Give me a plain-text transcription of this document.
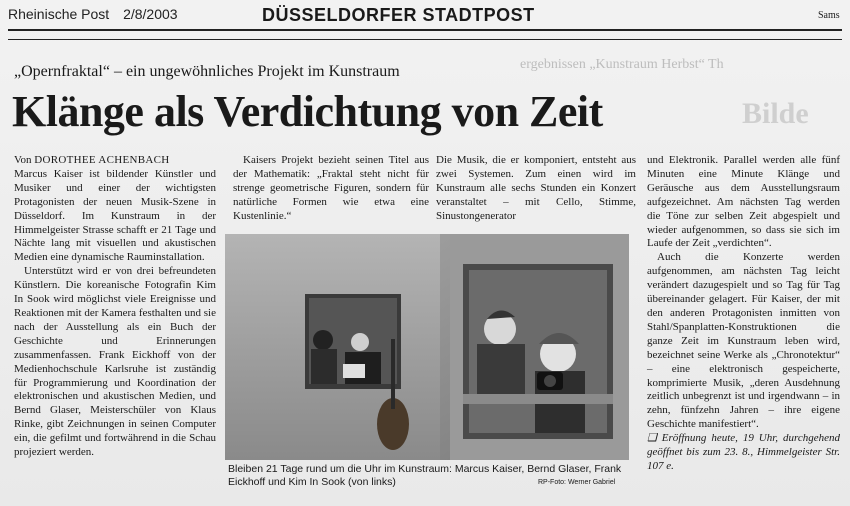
Rheinische Post 2/8/2003	DÜSSELDORFER STADTPOST	Sams
ergebnissen „Kunstraum Herbst“ Th
Bilde
„Opernfraktal“ – ein ungewöhnliches Projekt im Kunstraum
Klänge als Verdichtung von Zeit

Von DOROTHEE ACHENBACH

Marcus Kaiser ist bildender Künstler und Musiker und einer der wichtigsten Protagonisten der neuen Musik-Szene in Düsseldorf. Im Kunstraum in der Himmelgeister Strasse schafft er 21 Tage und Nächte lang mit visuellen und akustischen Medien eine dynamische Rauminstallation.

Unterstützt wird er von drei befreundeten Künstlern. Die koreanische Fotografin Kim In Sook wird möglichst viele Ereignisse und Reaktionen mit der Kamera festhalten und sie nach der Ausstellung als ein Buch der Geschichte und Erinnerungen zusammenfassen. Frank Eickhoff von der Medienhochschule Karlsruhe ist zuständig für Programmierung und Koordination der elektronischen und akustischen Medien, und Bernd Glaser, Meisterschüler von Klaus Rinke, gibt Zeichnungen in seinen Computer ein, die gefilmt und fortwährend in die Schau projeziert werden.

Kaisers Projekt bezieht seinen Titel aus der Mathematik: „Fraktal steht nicht für strenge geometrische Figuren, sondern für natürliche Formen wie etwa eine Kustenlinie.“

Die Musik, die er komponiert, entsteht aus zwei Systemen. Zum einen wird im Kunstraum alle sechs Stunden ein Konzert veranstaltet – mit Cello, Stimme, Sinustongenerator

und Elektronik. Parallel werden alle fünf Minuten eine Minute Klänge und Geräusche aus dem Ausstellungsraum aufgezeichnet. Am nächsten Tag werden die Töne zur selben Zeit abgespielt und wieder aufgenommen, so dass sie sich im Laufe der Zeit „verdichten“.

Auch die Konzerte werden aufgenommen, am nächsten Tag leicht verändert dazugespielt und so Tag für Tag übereinander gelagert. Für Kaiser, der mit den anderen Protagonisten inmitten von Stahl/Spanplatten-Konstruktionen die ganze Zeit im Kunstraum leben wird, bezeichnet seine Werke als „Chronotektur“ – eine elektronisch gespeicherte, komprimierte Musik, „deren Ausdehnung zeitlich unbegrenzt ist und irgendwann – in zehn, fünfzehn Jahren – ihre eigene Geschichte manifestiert“.

❑ Eröffnung heute, 19 Uhr, durchgehend geöffnet bis zum 23. 8., Himmelgeister Str. 107 e.

Bleiben 21 Tage rund um die Uhr im Kunstraum: Marcus Kaiser, Bernd Glaser, Frank Eickhoff und Kim In Sook (von links)	RP-Foto: Werner Gabriel
